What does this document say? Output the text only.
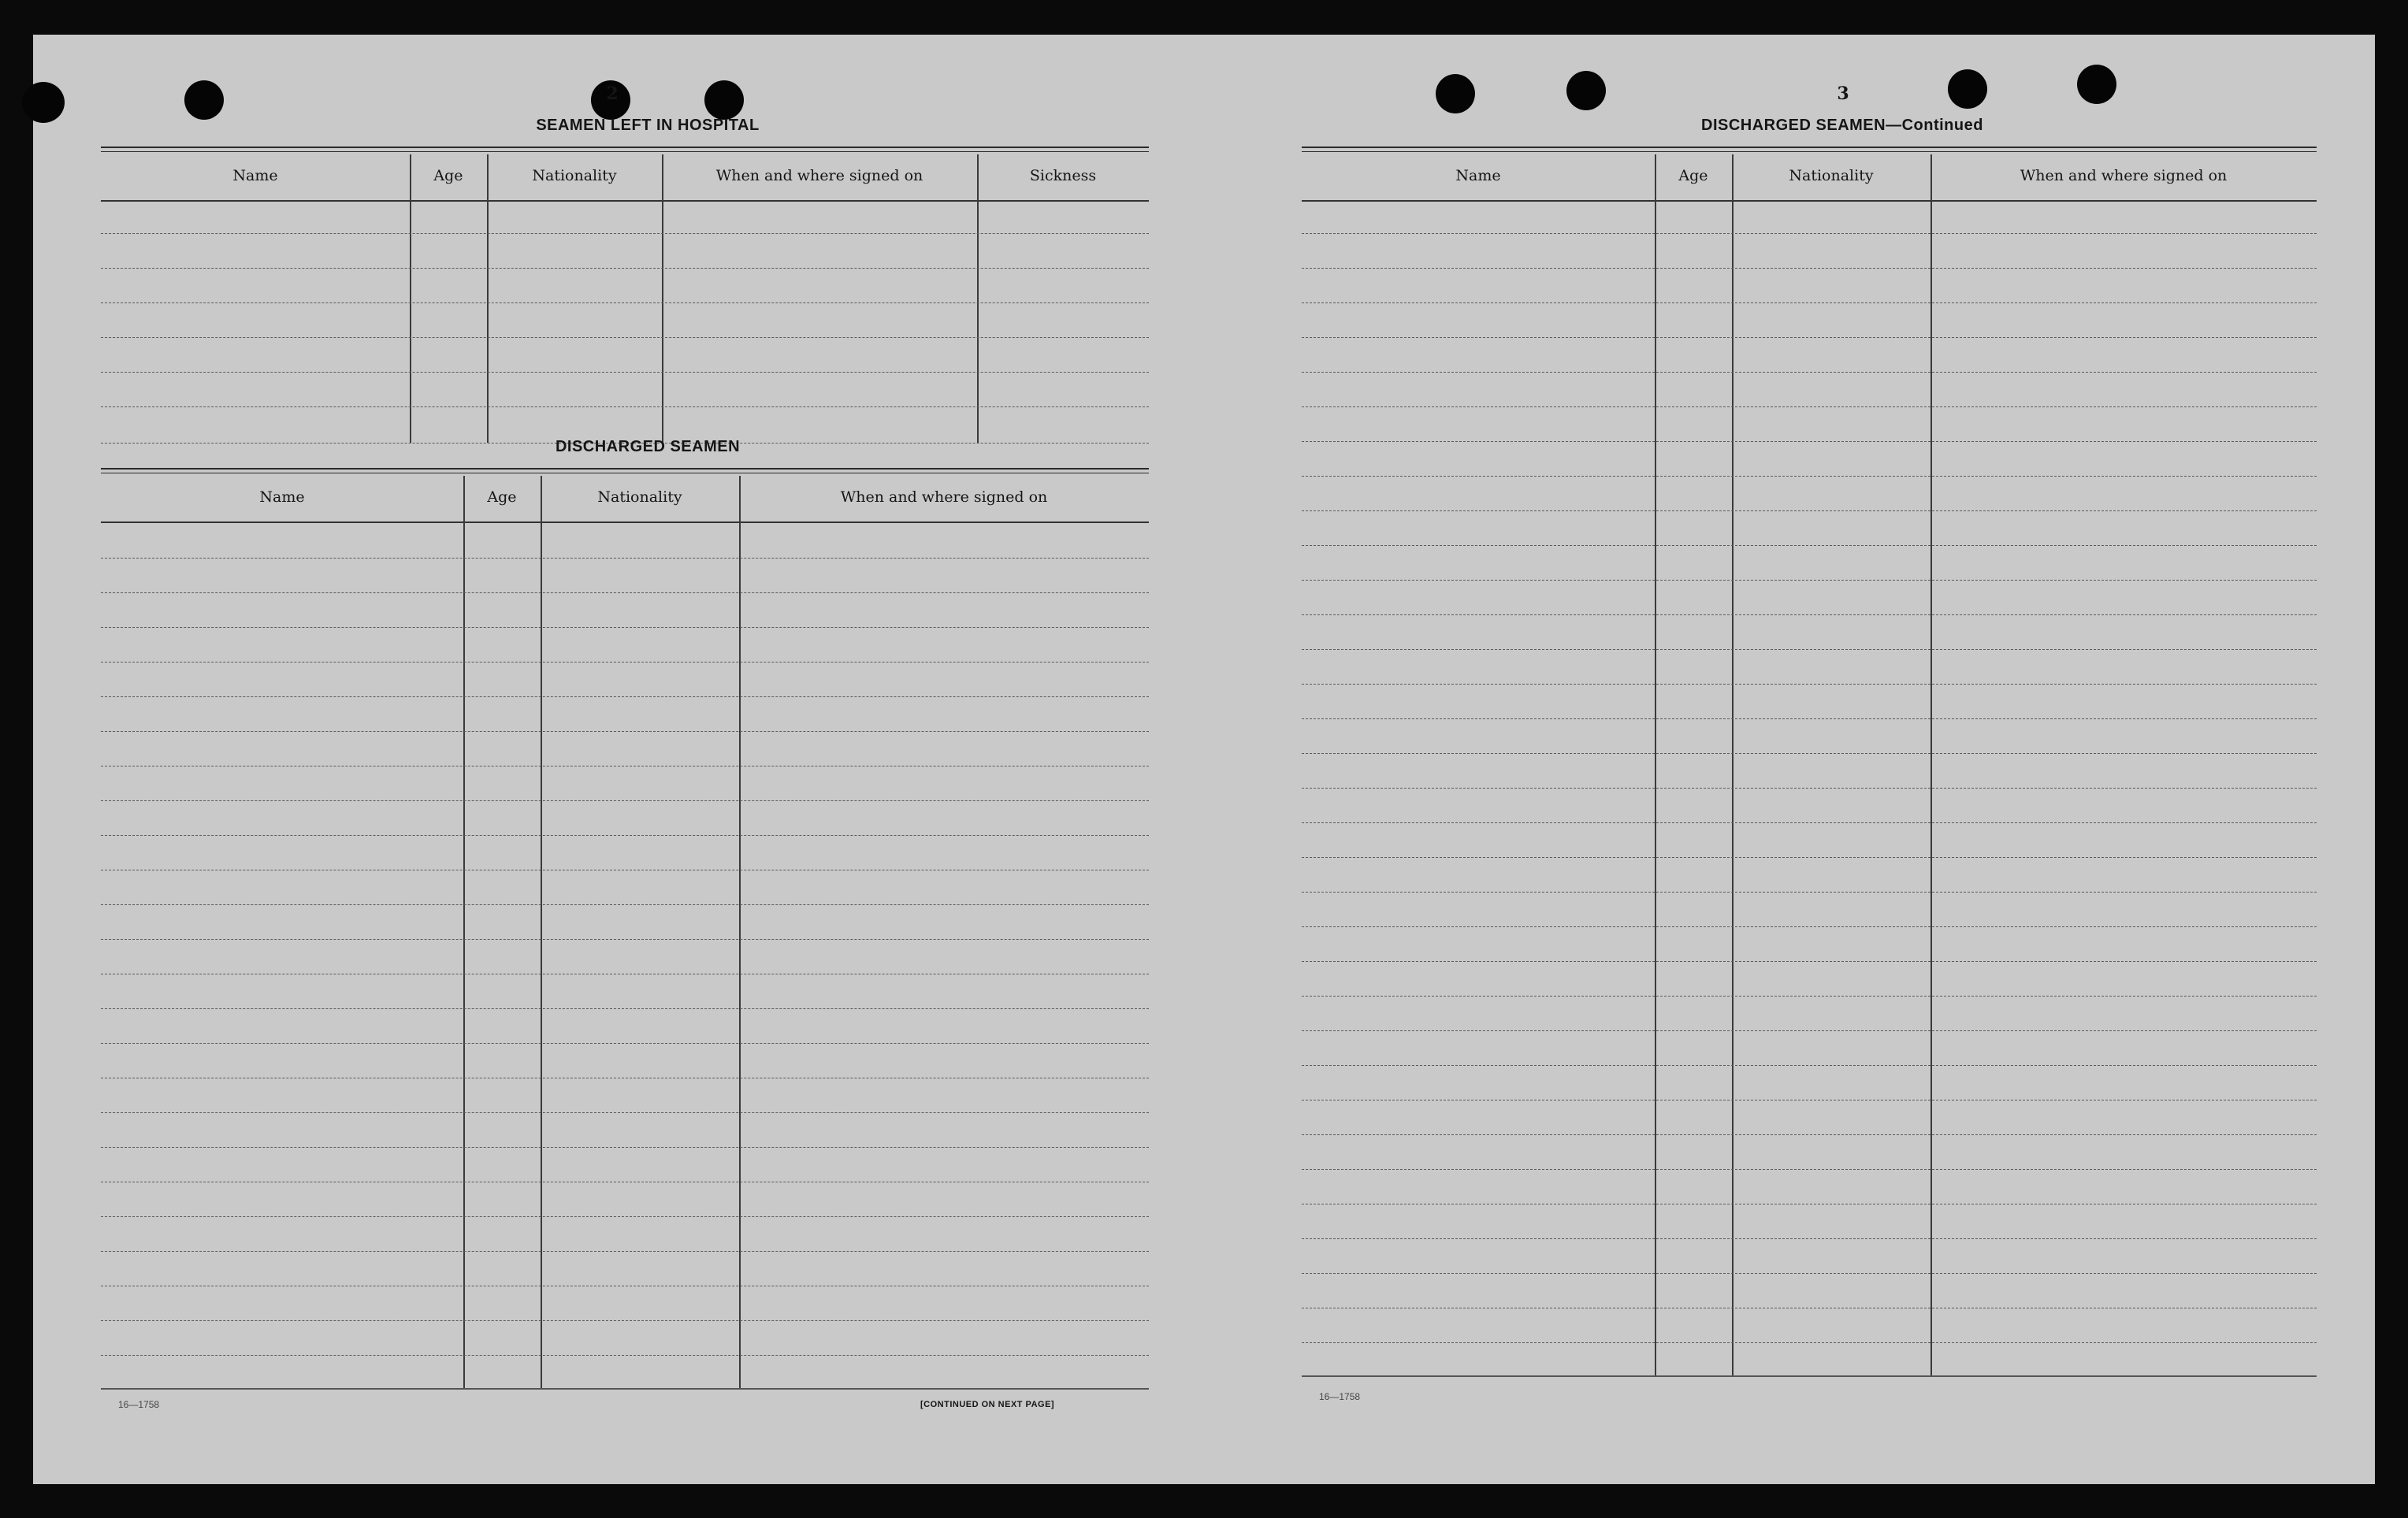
2
SEAMEN LEFT IN HOSPITAL
Name	Age	Nationality	When and where signed on	Sickness
DISCHARGED SEAMEN
Name	Age	Nationality	When and where signed on
16—1758	[CONTINUED ON NEXT PAGE]
3
DISCHARGED SEAMEN—Continued
Name	Age	Nationality	When and where signed on
16—1758
